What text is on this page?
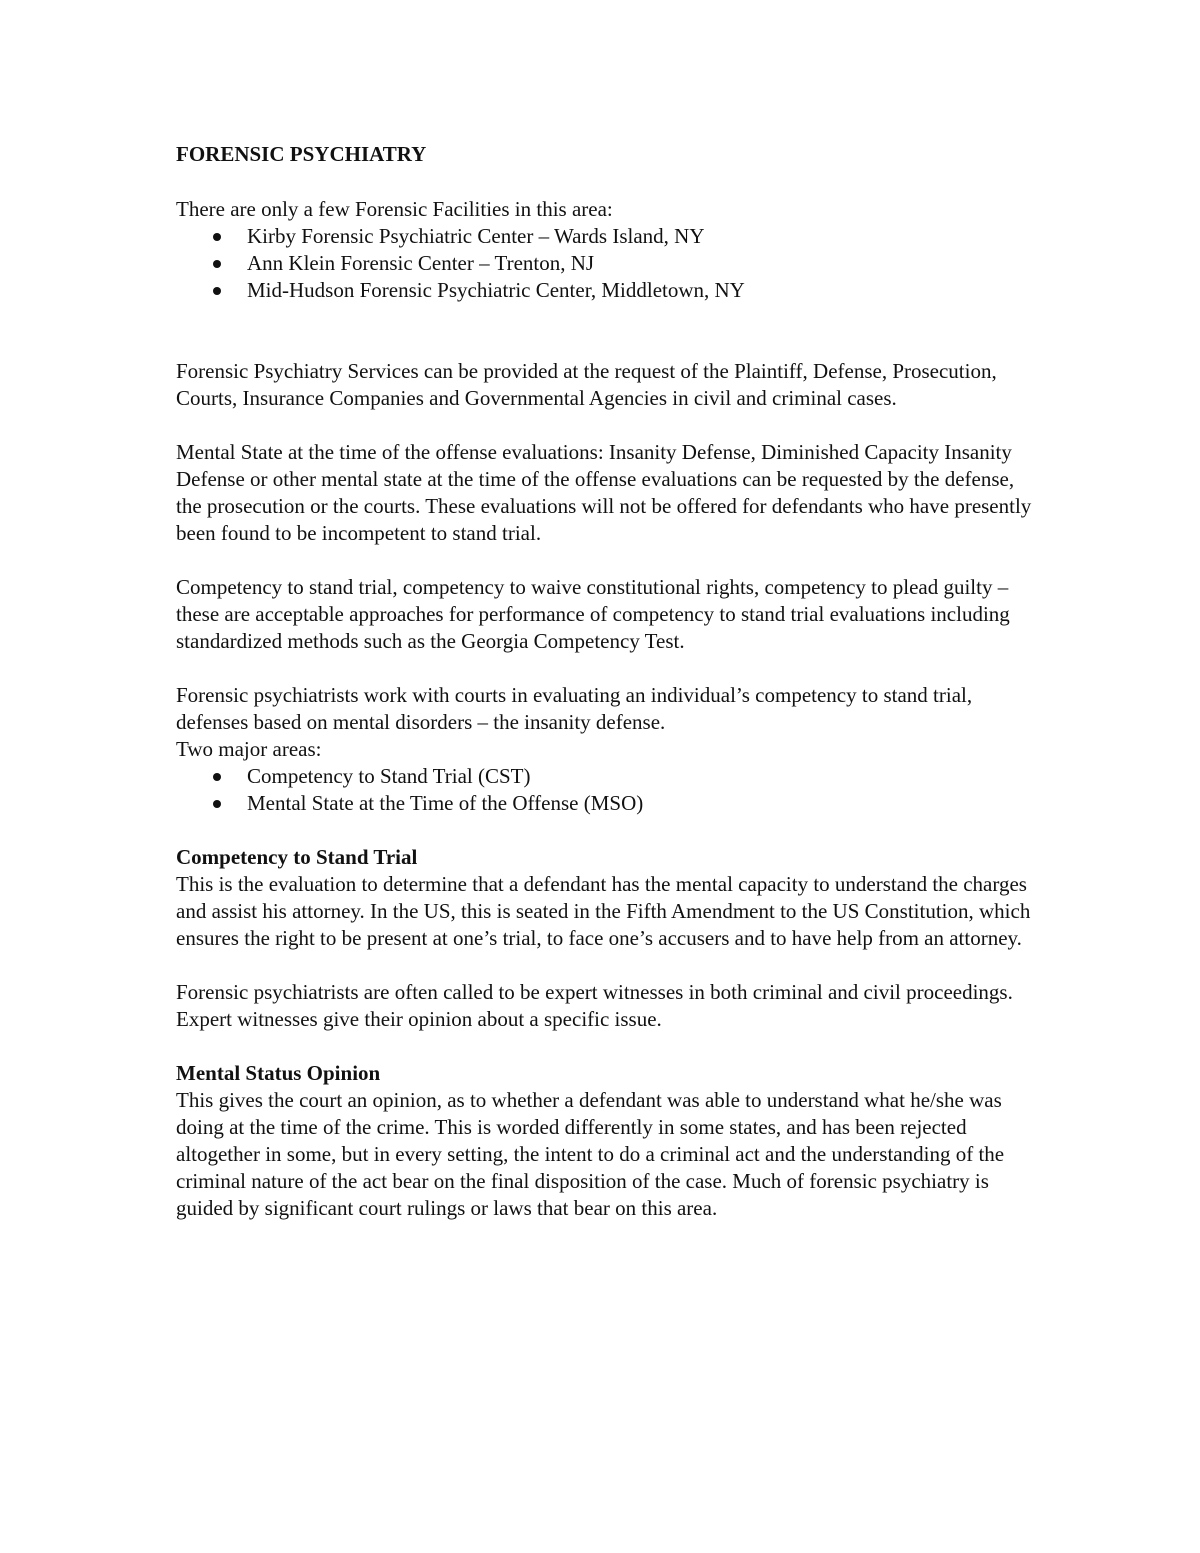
FORENSIC PSYCHIATRY

There are only a few Forensic Facilities in this area:

Kirby Forensic Psychiatric Center – Wards Island, NY
Ann Klein Forensic Center – Trenton, NJ
Mid-Hudson Forensic Psychiatric Center, Middletown, NY

Forensic Psychiatry Services can be provided at the request of the Plaintiff, Defense, Prosecution, Courts, Insurance Companies and Governmental Agencies in civil and criminal cases.

Mental State at the time of the offense evaluations: Insanity Defense, Diminished Capacity Insanity Defense or other mental state at the time of the offense evaluations can be requested by the defense, the prosecution or the courts. These evaluations will not be offered for defendants who have presently been found to be incompetent to stand trial.

Competency to stand trial, competency to waive constitutional rights, competency to plead guilty – these are acceptable approaches for performance of competency to stand trial evaluations including standardized methods such as the Georgia Competency Test.

Forensic psychiatrists work with courts in evaluating an individual’s competency to stand trial, defenses based on mental disorders – the insanity defense.

Two major areas:

Competency to Stand Trial (CST)
Mental State at the Time of the Offense (MSO)

Competency to Stand Trial

This is the evaluation to determine that a defendant has the mental capacity to understand the charges and assist his attorney. In the US, this is seated in the Fifth Amendment to the US Constitution, which ensures the right to be present at one’s trial, to face one’s accusers and to have help from an attorney.

Forensic psychiatrists are often called to be expert witnesses in both criminal and civil proceedings. Expert witnesses give their opinion about a specific issue.

Mental Status Opinion

This gives the court an opinion, as to whether a defendant was able to understand what he/she was doing at the time of the crime. This is worded differently in some states, and has been rejected altogether in some, but in every setting, the intent to do a criminal act and the understanding of the criminal nature of the act bear on the final disposition of the case. Much of forensic psychiatry is guided by significant court rulings or laws that bear on this area.
